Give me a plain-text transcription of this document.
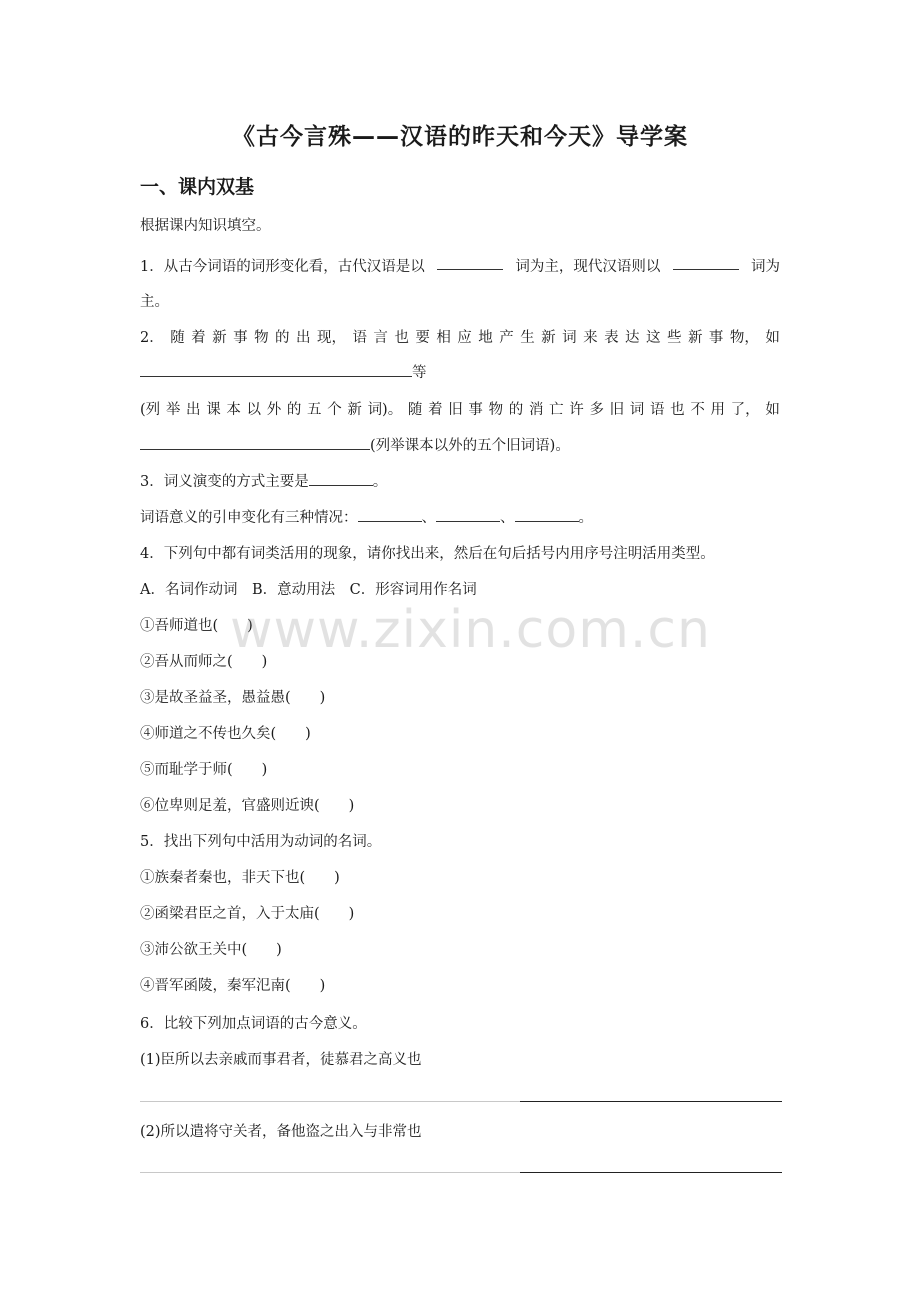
《古今言殊——汉语的昨天和今天》导学案
一、课内双基
根据课内知识填空。
1．从古今词语的词形变化看，古代汉语是以	词为主，现代汉语则以	词为
主。
2． 随 着 新 事 物 的 出 现， 语 言 也 要 相 应 地 产 生 新 词 来 表 达 这 些 新 事 物， 如
等
(列 举 出 课 本 以 外 的 五 个 新 词)。 随 着 旧 事 物 的 消 亡 许 多 旧 词 语 也 不 用 了， 如
(列举课本以外的五个旧词语)。
3．词义演变的方式主要是	。
词语意义的引申变化有三种情况：	、	、	。
4．下列句中都有词类活用的现象，请你找出来，然后在句后括号内用序号注明活用类型。
A．名词作动词　B．意动用法　C．形容词用作名词
①吾师道也(　　)
②吾从而师之(　　)
③是故圣益圣，愚益愚(　　)
④师道之不传也久矣(　　)
⑤而耻学于师(　　)
⑥位卑则足羞，官盛则近谀(　　)
5．找出下列句中活用为动词的名词。
①族秦者秦也，非天下也(　　)
②函梁君臣之首，入于太庙(　　)
③沛公欲王关中(　　)
④晋军函陵，秦军氾南(　　)
6．比较下列加点词语的古今意义。
(1)臣所以去亲戚而事君者，徒慕君之高义也
(2)所以遣将守关者，备他盗之出入与非常也
www.zixin.com.cn
